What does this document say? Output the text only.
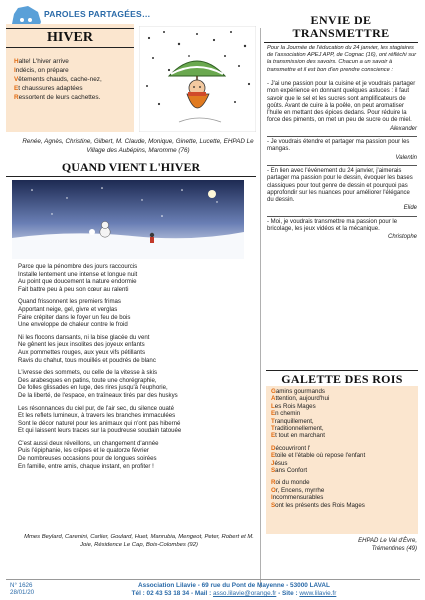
PAROLES PARTAGÉES…
HIVER
Halte! L'hiver arrive
Indécis, on prépare
Vêtements chauds, cache-nez,
Et chaussures adaptées
Ressortent de leurs cachettes.
Renée, Agnès, Christine, Gilbert, M. Claude, Monique, Ginette, Lucette, EHPAD Le Village des Aubépins, Maromme (76)
QUAND VIENT L'HIVER

Parce que la pénombre des jours raccourcis
Installe lentement une intense et longue nuit
Au point que doucement la nature endormie
Fait battre peu à peu son cœur au ralenti

Quand frissonnent les premiers frimas
Apportant neige, gel, givre et verglas
Faire crépiter dans le foyer un feu de bois
Une enveloppe de chaleur contre le froid

Ni les flocons dansants, ni la bise glacée du vent
Ne gênent les jeux insolites des joyeux enfants
Aux pommettes rouges, aux yeux vifs pétillants
Ravis du chahut, tous mouillés et poudrés de blanc

L'ivresse des sommets, ou celle de la vitesse à skis
Des arabesques en patins, toute une chorégraphie,
De folles glissades en luge, des rires jusqu'à l'euphorie,
De la liberté, de l'espace, en traîneaux tirés par des huskys

Les résonnances du ciel pur, de l'air sec, du silence ouaté
Et les reflets lumineux, à travers les branches immaculées
Sont le décor naturel pour les animaux qui n'ont pas hiberné
Et qui laissent leurs traces sur la poudreuse soudain tatouée

C'est aussi deux réveillons, un changement d'année
Puis l'épiphanie, les crêpes et le quatorze février
De nombreuses occasions pour de longues soirées
En famille, entre amis, chaque instant, en profiter !

Mmes Beylard, Carenini, Carlier, Goulard, Huet, Manrubia, Mengeot, Peter, Robert et M. Joie, Résidence Le Cap, Bois-Colombes (92)
ENVIE DE
TRANSMETTRE
Pour la Journée de l'éducation du 24 janvier, les stagiaires de l'association APEJ APP, de Cognac (16), ont réfléchi sur la transmission des savoirs. Chacun a un savoir à transmettre et il est bon d'en prendre conscience :
- J'ai une passion pour la cuisine et je voudrais partager mon expérience en donnant quelques astuces : il faut savoir que le sel et les sucres sont amplificateurs de goûts. Avant de cuire à la poêle, on peut aromatiser l'huile en mettant des épices dedans. Pour réduire la force des piments, on met un peu de sucre ou de miel.
Alexander
- Je voudrais étendre et partager ma passion pour les mangas.
Valentin
- En lien avec l'événement du 24 janvier, j'aimerais partager ma passion pour le dessin, évoquer les bases classiques pour tout genre de dessin et pourquoi pas approfondir sur les nuances pour améliorer l'élégance du dessin.
Elide
- Moi, je voudrais transmettre ma passion pour le bricolage, les jeux vidéos et la mécanique.
Christophe
GALETTE DES ROIS
Gamins gourmands
Attention, aujourd'hui
Les Rois Mages
En chemin
Tranquillement,
Traditionnellement,
Et tout en marchant
Découvriront l'
Etoile et l'étable où repose l'enfant
Jésus
Sans Confort
Roi du monde
Or, Encens, myrrhe
Incommensurables
Sont les présents des Rois Mages
EHPAD Le Val d'Èvre,
Trémentines (49)
N° 1626
28/01/20
Association Lilavie - 69 rue du Pont de Mayenne - 53000 LAVAL
Tél : 02 43 53 18 34 - Mail : asso.lilavie@orange.fr - Site : www.lilavie.fr
